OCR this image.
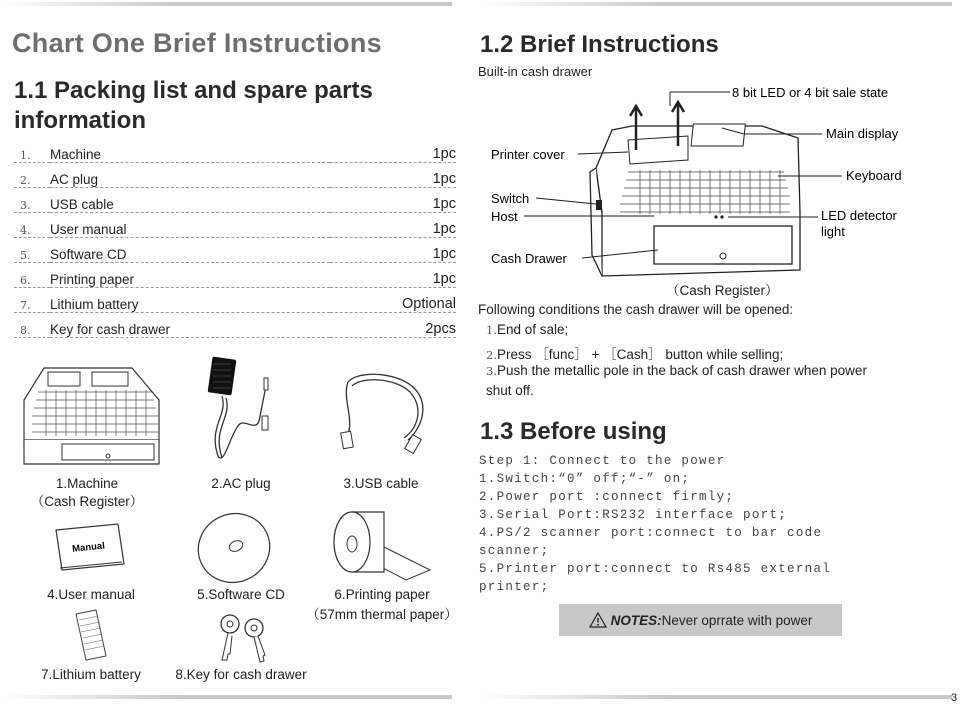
Chart One Brief Instructions
1.1 Packing list and spare parts information
1.	Machine	1pc
2.	AC plug	1pc
3.	USB cable	1pc
4.	User manual	1pc
5.	Software CD	1pc
6.	Printing paper	1pc
7.	Lithium battery	Optional
8.	Key for cash drawer	2pcs
1.Machine
（Cash Register）
2.AC plug	3.USB cable
Manual
4.User manual	5.Software CD	6.Printing paper
（57mm thermal paper）
7.Lithium battery	8.Key for cash drawer
1.2 Brief Instructions
Built-in cash drawer
8 bit LED or 4 bit sale state
Main display
Printer cover
Keyboard
Switch
Host	LED detector
light
Cash Drawer
（Cash Register）
Following conditions the cash drawer will be opened:
1.End of sale;
2.Press ［func］ + ［Cash］ button while selling;
3.Push the metallic pole in the back of cash drawer when power
shut off.
1.3 Before using
Step 1: Connect to the power
1.Switch:“0” off;“-” on;
2.Power port :connect firmly;
3.Serial Port:RS232 interface port;
4.PS/2 scanner port:connect to bar code
scanner;
5.Printer port:connect to Rs485 external
printer;
NOTES: Never oprrate with power
3
